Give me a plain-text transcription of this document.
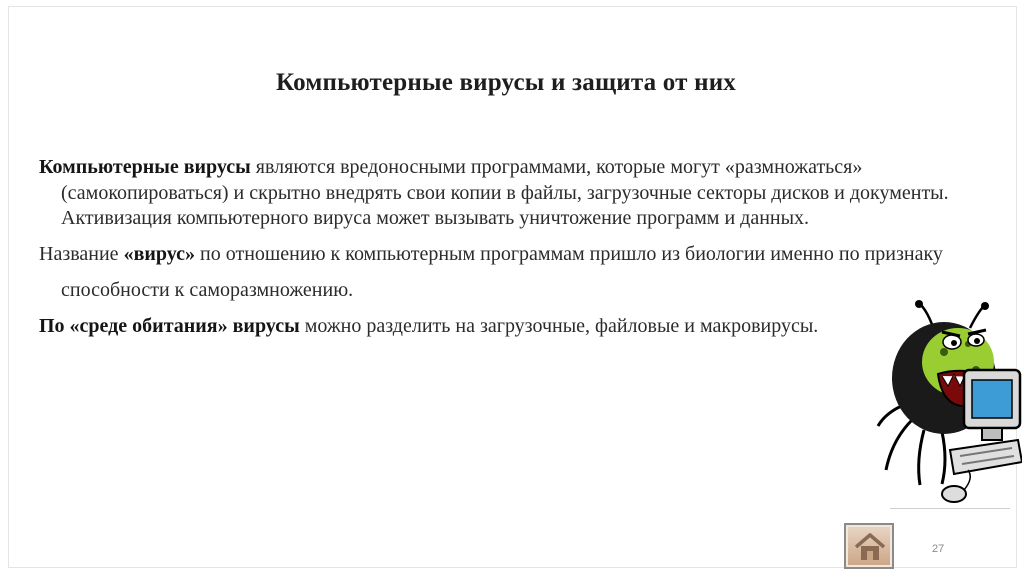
Компьютерные вирусы и защита от них

Компьютерные вирусы являются вредоносными программами, которые могут «размножаться» (самокопироваться) и скрытно внедрять свои копии в файлы, загрузочные секторы дисков и документы. Активизация компьютерного вируса может вызывать уничтожение программ и данных.

Название «вирус» по отношению к компьютерным программам пришло из биологии именно по признаку

способности к саморазмножению.

По «среде обитания» вирусы можно разделить на загрузочные, файловые и макровирусы.

27
